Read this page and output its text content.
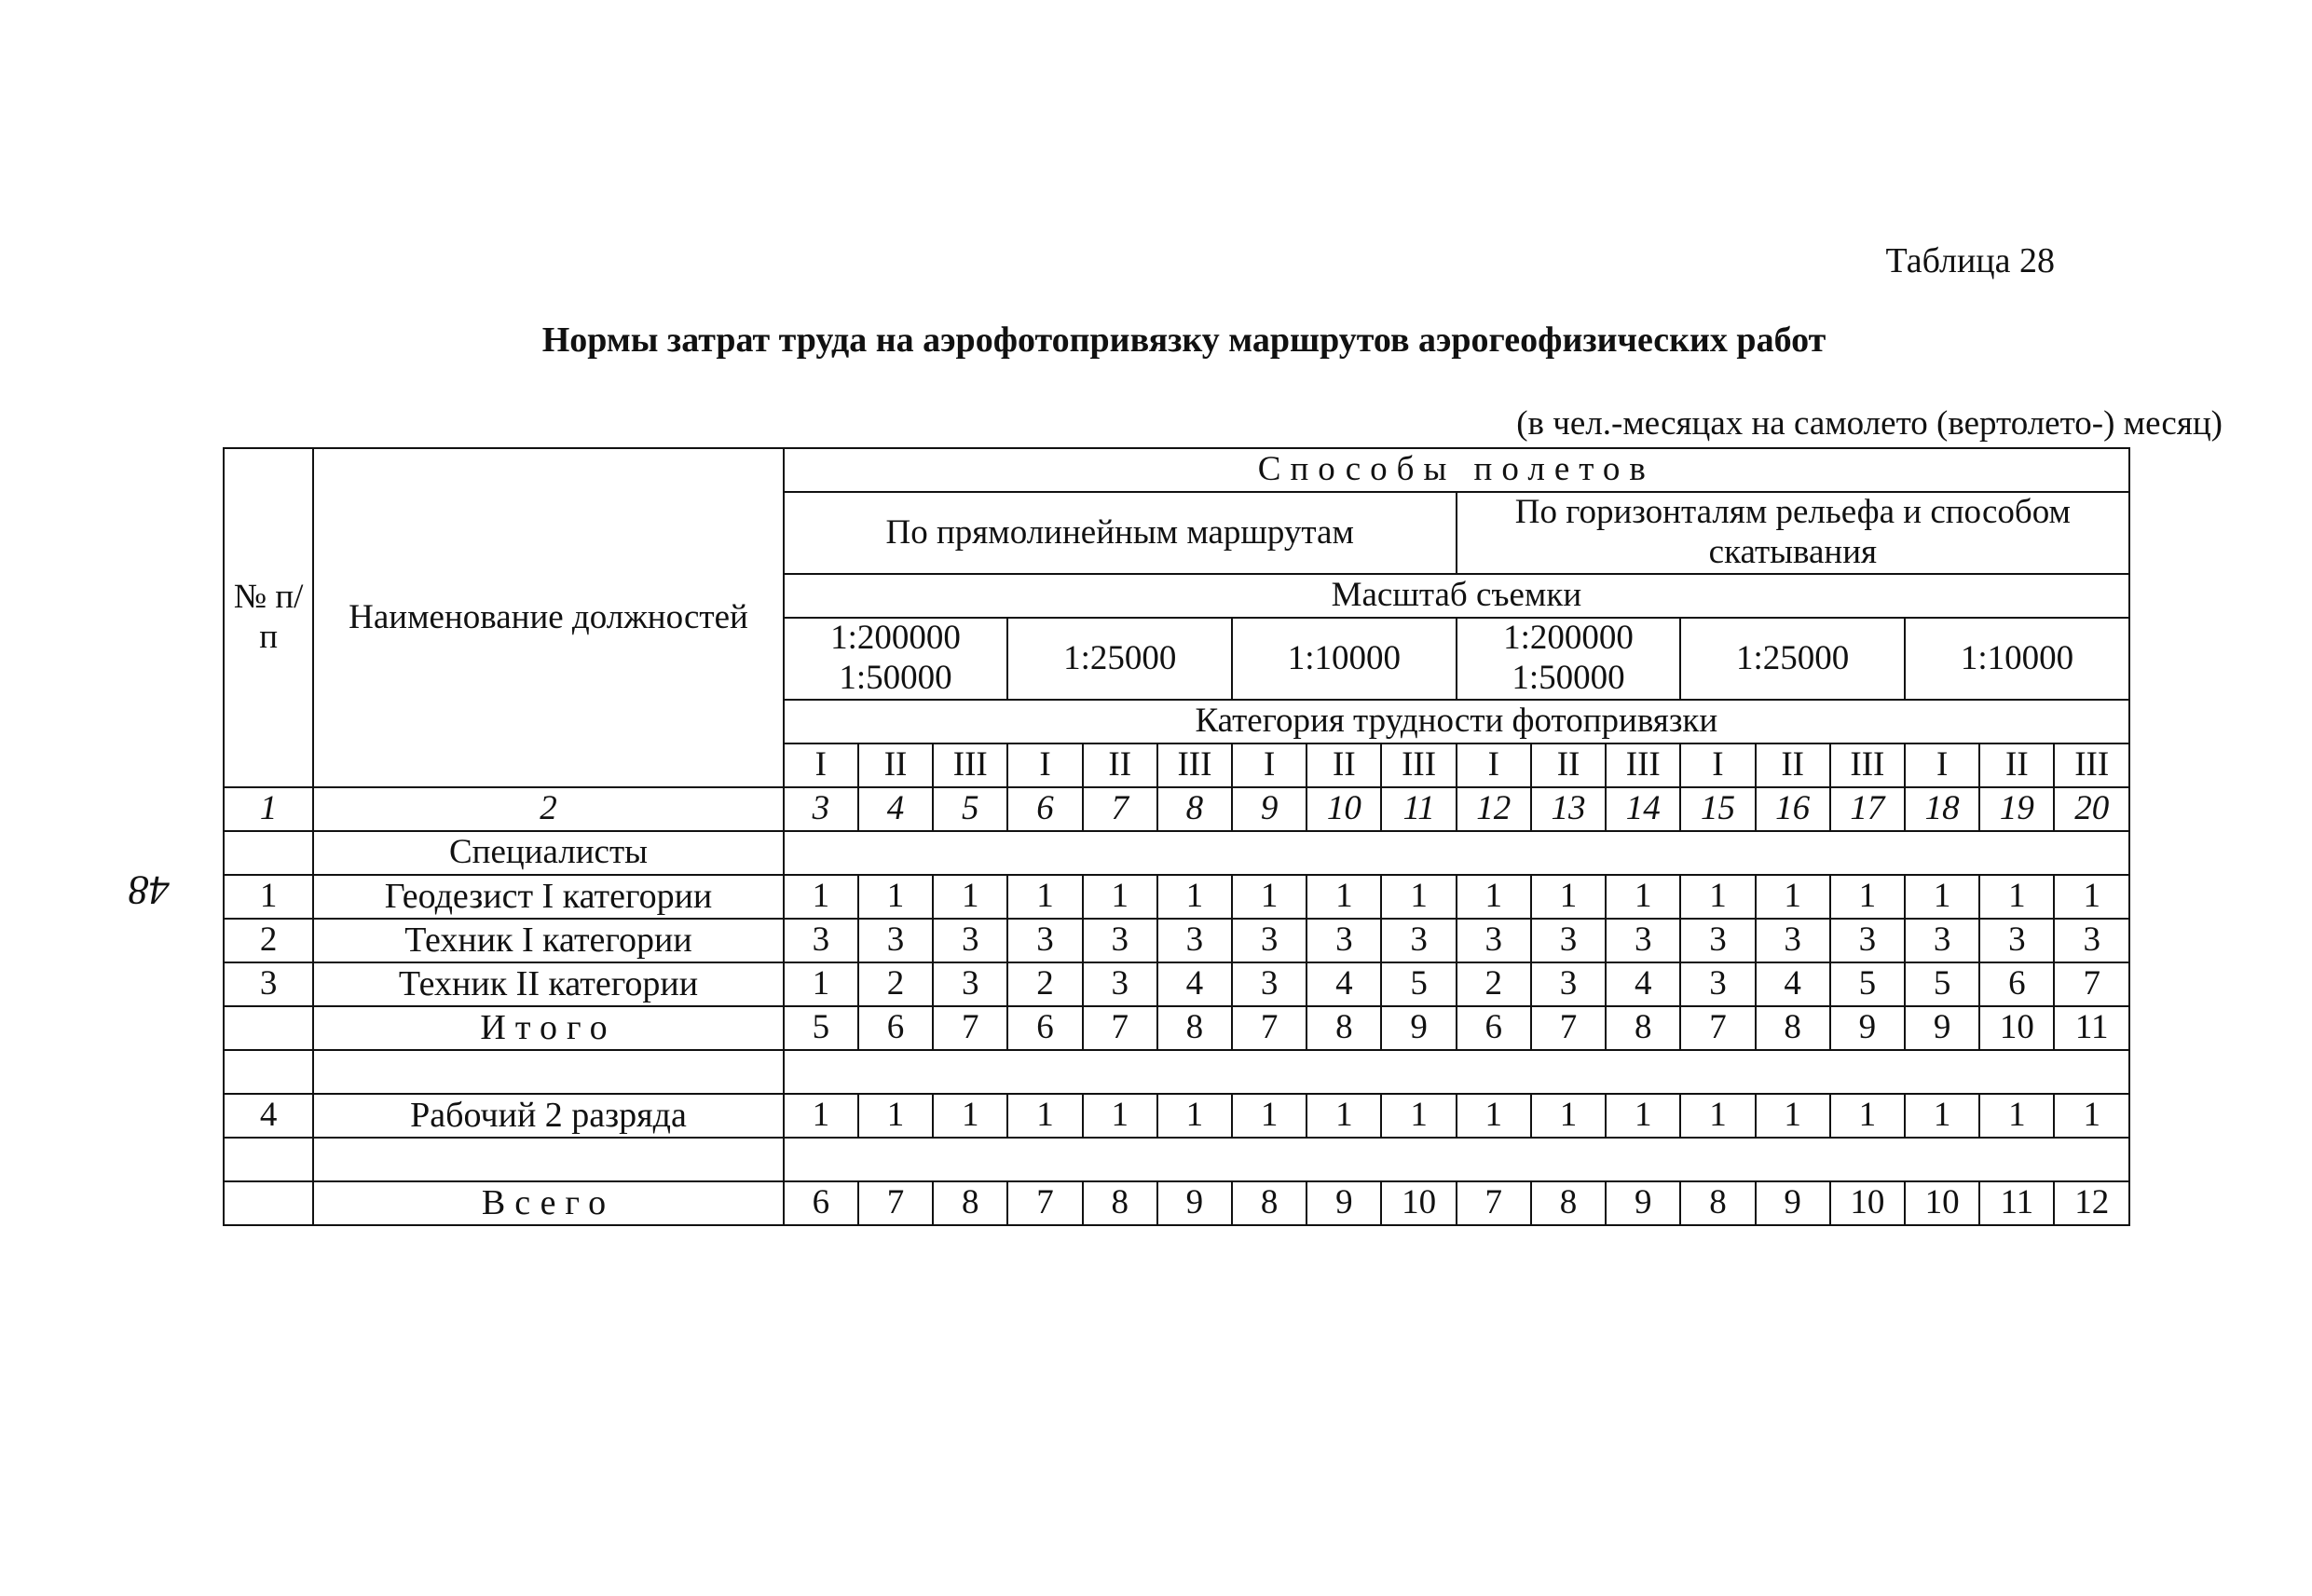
Таблица 28
Нормы затрат труда на аэрофотопривязку маршрутов аэрогеофизических работ
(в чел.-месяцах на самолето (вертолето-) месяц)
48
№ п/п	Наименование должностей	Способы полетов																	
		По прямолинейным маршрутам									По горизонталям рельефа и способом скатывания								
		Масштаб съемки																	
		1:200000 1:50000			1:25000			1:10000			1:200000 1:50000			1:25000			1:10000		
		Категория трудности фотопривязки																	
		I	II	III	I	II	III	I	II	III	I	II	III	I	II	III	I	II	III
1	2	3	4	5	6	7	8	9	10	11	12	13	14	15	16	17	18	19	20
	Специалисты																		
1	Геодезист I категории	1	1	1	1	1	1	1	1	1	1	1	1	1	1	1	1	1	1
2	Техник I категории	3	3	3	3	3	3	3	3	3	3	3	3	3	3	3	3	3	3
3	Техник II категории	1	2	3	2	3	4	3	4	5	2	3	4	3	4	5	5	6	7
	Итого	5	6	7	6	7	8	7	8	9	6	7	8	7	8	9	9	10	11

4	Рабочий 2 разряда	1	1	1	1	1	1	1	1	1	1	1	1	1	1	1	1	1	1

	Всего	6	7	8	7	8	9	8	9	10	7	8	9	8	9	10	10	11	12
